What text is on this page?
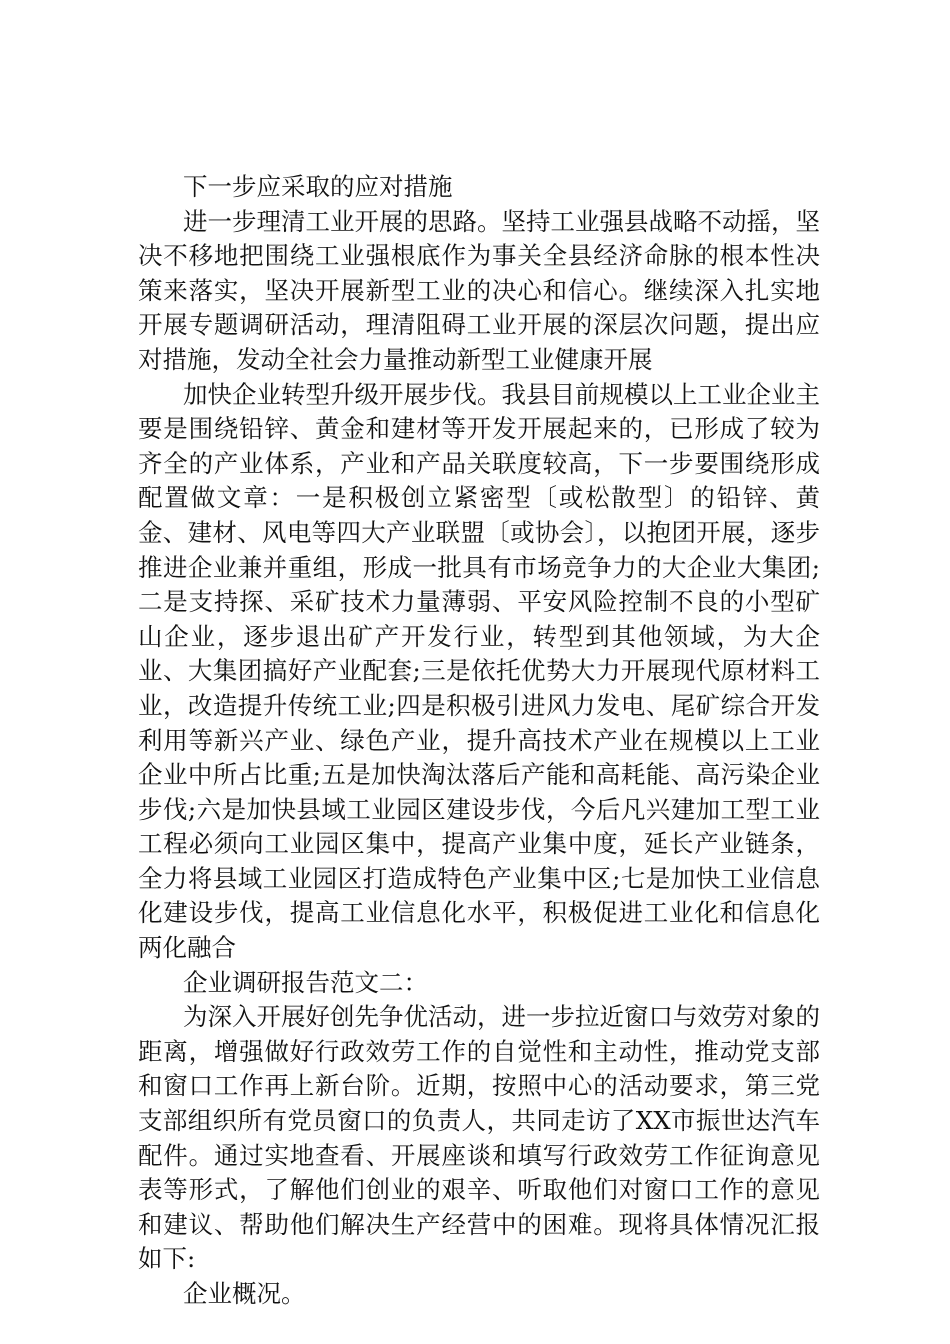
下一步应采取的应对措施

进一步理清工业开展的思路。坚持工业强县战略不动摇，坚决不移地把围绕工业强根底作为事关全县经济命脉的根本性决策来落实，坚决开展新型工业的决心和信心。继续深入扎实地开展专题调研活动，理清阻碍工业开展的深层次问题，提出应对措施，发动全社会力量推动新型工业健康开展

加快企业转型升级开展步伐。我县目前规模以上工业企业主要是围绕铅锌、黄金和建材等开发开展起来的，已形成了较为齐全的产业体系，产业和产品关联度较高，下一步要围绕形成配置做文章：一是积极创立紧密型〔或松散型〕的铅锌、黄金、建材、风电等四大产业联盟〔或协会〕，以抱团开展，逐步推进企业兼并重组，形成一批具有市场竞争力的大企业大集团;二是支持探、采矿技术力量薄弱、平安风险控制不良的小型矿山企业，逐步退出矿产开发行业，转型到其他领域，为大企业、大集团搞好产业配套;三是依托优势大力开展现代原材料工业，改造提升传统工业;四是积极引进风力发电、尾矿综合开发利用等新兴产业、绿色产业，提升高技术产业在规模以上工业企业中所占比重;五是加快淘汰落后产能和高耗能、高污染企业步伐;六是加快县域工业园区建设步伐，今后凡兴建加工型工业工程必须向工业园区集中，提高产业集中度，延长产业链条，全力将县域工业园区打造成特色产业集中区;七是加快工业信息化建设步伐，提高工业信息化水平，积极促进工业化和信息化两化融合

企业调研报告范文二：

为深入开展好创先争优活动，进一步拉近窗口与效劳对象的距离，增强做好行政效劳工作的自觉性和主动性，推动党支部和窗口工作再上新台阶。近期，按照中心的活动要求，第三党支部组织所有党员窗口的负责人，共同走访了XX市振世达汽车配件。通过实地查看、开展座谈和填写行政效劳工作征询意见表等形式，了解他们创业的艰辛、听取他们对窗口工作的意见和建议、帮助他们解决生产经营中的困难。现将具体情况汇报如下:

企业概况。
